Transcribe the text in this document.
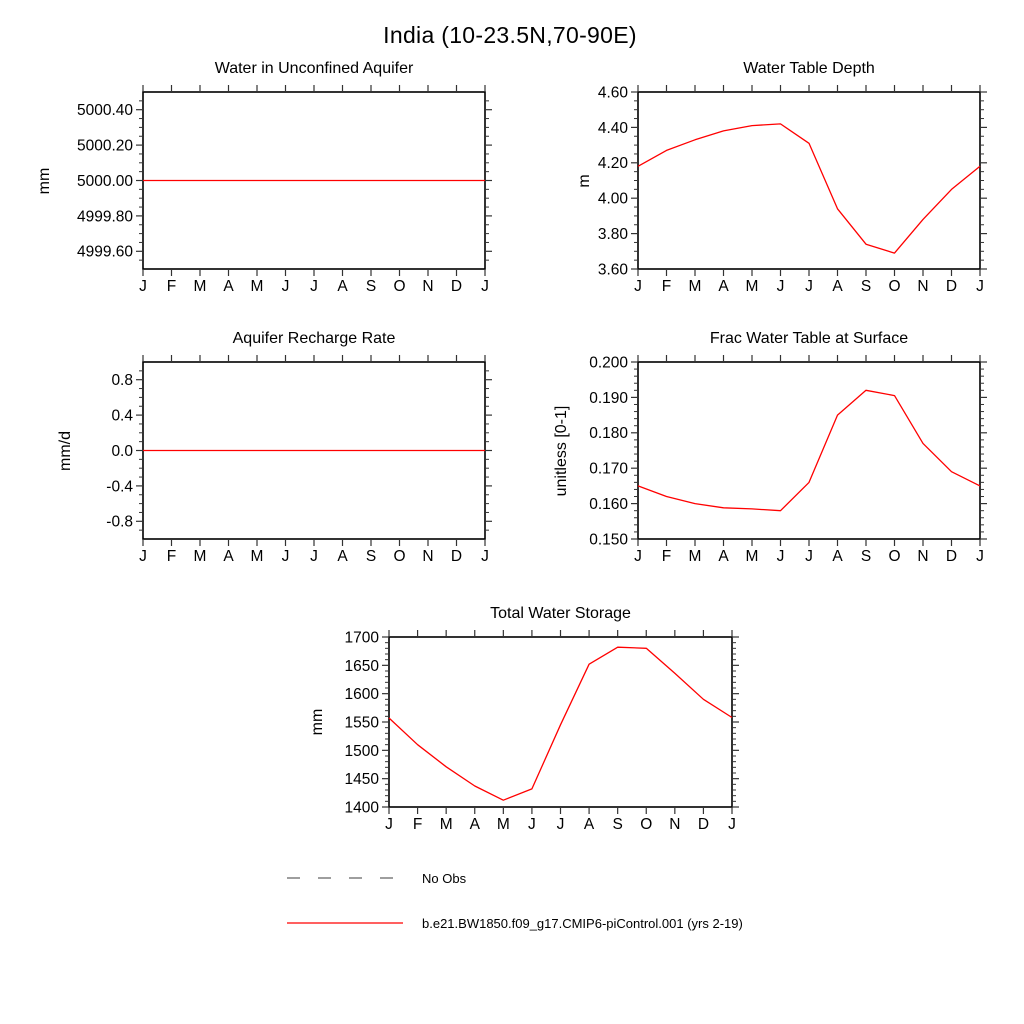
India (10-23.5N,70-90E)
Water in Unconfined Aquifer
mm
J F M A M J J A S O N D J
4999.60
4999.80
5000.00
5000.20
5000.40
Water Table Depth
m
J F M A M J J A S O N D J
3.60
3.80
4.00
4.20
4.40
4.60
Aquifer Recharge Rate
mm/d
J F M A M J J A S O N D J
-0.8
-0.4
0.0
0.4
0.8
Frac Water Table at Surface
unitless [0-1]
J F M A M J J A S O N D J
0.150
0.160
0.170
0.180
0.190
0.200
Total Water Storage
mm
J F M A M J J A S O N D J
1400
1450
1500
1550
1600
1650
1700
No Obs
b.e21.BW1850.f09_g17.CMIP6-piControl.001 (yrs 2-19)
